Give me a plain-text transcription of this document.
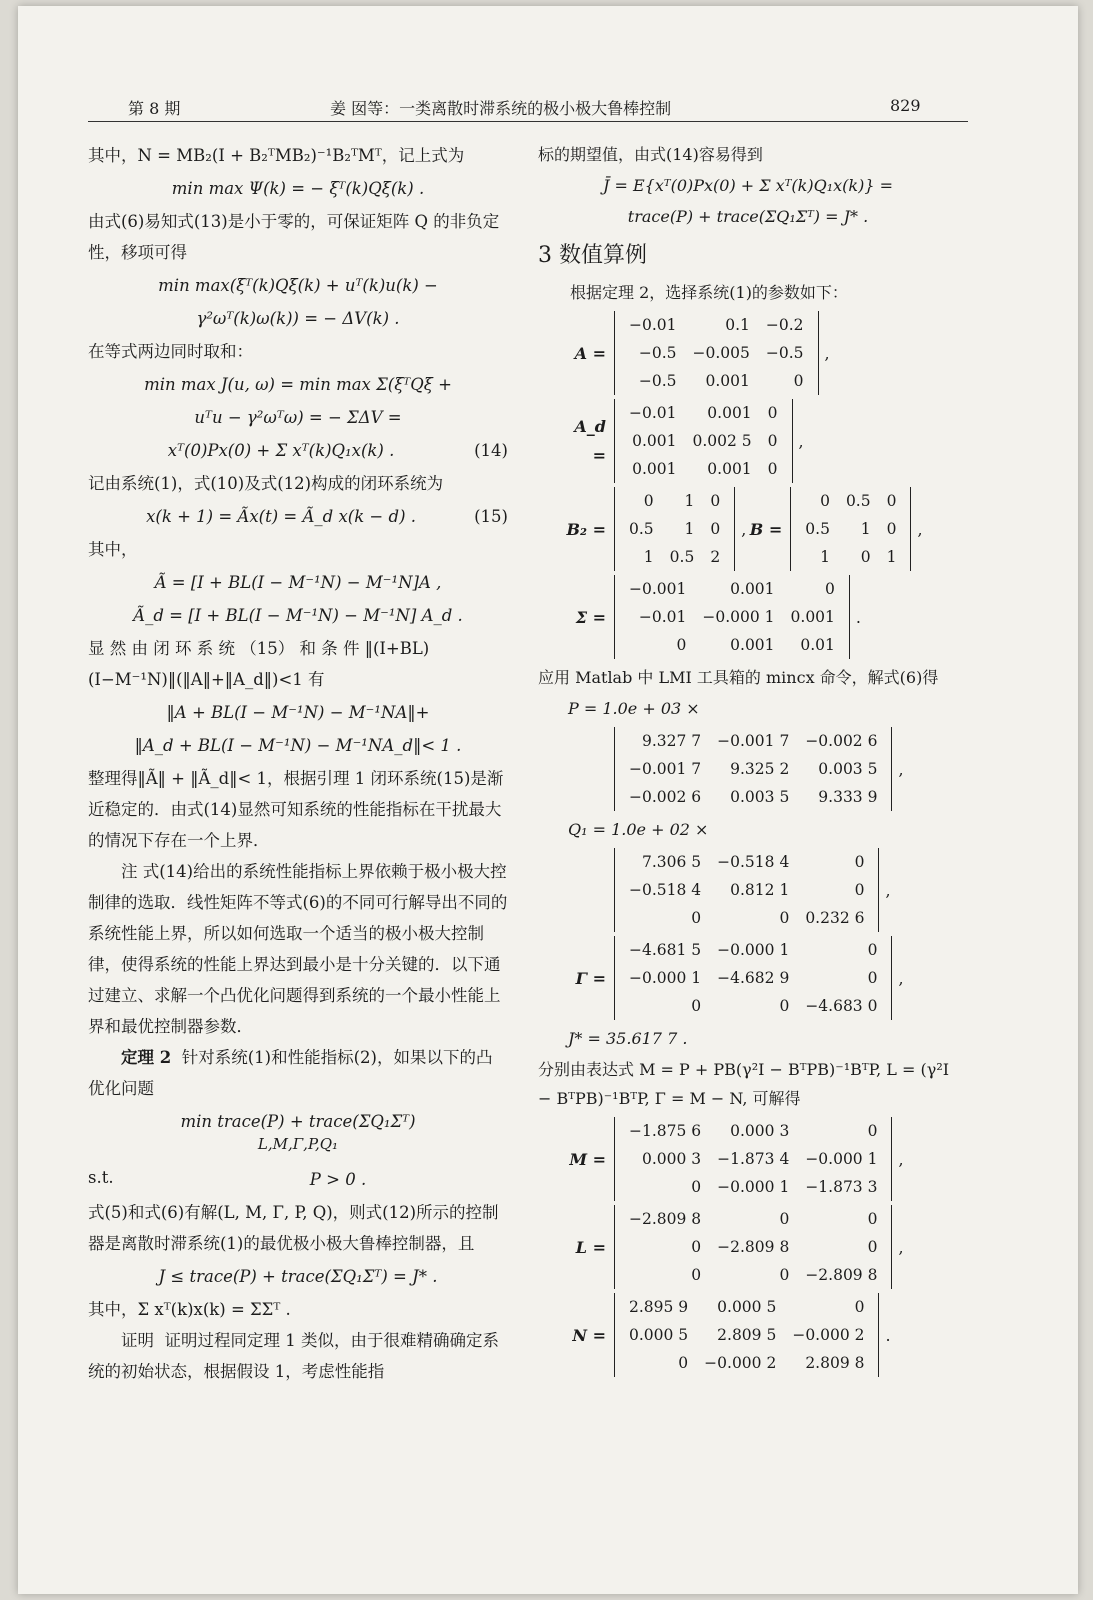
第 8 期	姜 囡等：一类离散时滞系统的极小极大鲁棒控制	829

其中，N = MB₂(I + B₂ᵀMB₂)⁻¹B₂ᵀMᵀ，记上式为

min max Ψ(k) = − ξᵀ(k)Qξ(k) .

由式(6)易知式(13)是小于零的，可保证矩阵 Q 的非负定性，移项可得

min max(ξᵀ(k)Qξ(k) + uᵀ(k)u(k) −
γ²ωᵀ(k)ω(k)) = − ΔV(k) .

在等式两边同时取和：

min max J(u, ω) = min max Σ(ξᵀQξ +
uᵀu − γ²ωᵀω) = − ΣΔV =
xᵀ(0)Px(0) + Σ xᵀ(k)Q₁x(k) .	(14)

记由系统(1)，式(10)及式(12)构成的闭环系统为

x(k + 1) = Ãx(t) = Ã_d x(k − d) .	(15)

其中，

Ã = [I + BL(I − M⁻¹N) − M⁻¹N]A ,
Ã_d = [I + BL(I − M⁻¹N) − M⁻¹N] A_d .

显 然 由 闭 环 系 统 （15） 和 条 件 ‖(I+BL)(I−M⁻¹N)‖(‖A‖+‖A_d‖)<1 有

‖A + BL(I − M⁻¹N) − M⁻¹NA‖+
‖A_d + BL(I − M⁻¹N) − M⁻¹NA_d‖< 1 .

整理得‖Ã‖ + ‖Ã_d‖< 1，根据引理 1 闭环系统(15)是渐近稳定的．由式(14)显然可知系统的性能指标在干扰最大的情况下存在一个上界．

注 式(14)给出的系统性能指标上界依赖于极小极大控制律的选取．线性矩阵不等式(6)的不同可行解导出不同的系统性能上界，所以如何选取一个适当的极小极大控制律，使得系统的性能上界达到最小是十分关键的．以下通过建立、求解一个凸优化问题得到系统的一个最小性能上界和最优控制器参数．

定理 2 针对系统(1)和性能指标(2)，如果以下的凸优化问题

min trace(P) + trace(ΣQ₁Σᵀ)
L,M,Γ,P,Q₁
s.t.	P > 0 .

式(5)和式(6)有解(L, M, Γ, P, Q)，则式(12)所示的控制器是离散时滞系统(1)的最优极小极大鲁棒控制器，且

J ≤ trace(P) + trace(ΣQ₁Σᵀ) = J* .

其中，Σ xᵀ(k)x(k) = ΣΣᵀ .

证明 证明过程同定理 1 类似，由于很难精确确定系统的初始状态，根据假设 1，考虑性能指

标的期望值，由式(14)容易得到

J̄ = E{xᵀ(0)Px(0) + Σ xᵀ(k)Q₁x(k)} =
trace(P) + trace(ΣQ₁Σᵀ) = J* .
3 数值算例

根据定理 2，选择系统(1)的参数如下：

A =
−0.01	0.1	−0.2
−0.5	−0.005	−0.5
−0.5	0.001	0
,
A_d =
−0.01	0.001	0
0.001	0.002 5	0
0.001	0.001	0
,
B₂ =
0	1	0
0.5	1	0
1	0.5	2
, B =
0	0.5	0
0.5	1	0
1	0	1
,
Σ =
−0.001	0.001	0
−0.01	−0.000 1	0.001
0	0.001	0.01
.

应用 Matlab 中 LMI 工具箱的 mincx 命令，解式(6)得

P = 1.0e + 03 ×
9.327 7	−0.001 7	−0.002 6
−0.001 7	9.325 2	0.003 5
−0.002 6	0.003 5	9.333 9
,
Q₁ = 1.0e + 02 ×
7.306 5	−0.518 4	0
−0.518 4	0.812 1	0
0	0	0.232 6
,
Γ =
−4.681 5	−0.000 1	0
−0.000 1	−4.682 9	0
0	0	−4.683 0
,
J* = 35.617 7 .

分别由表达式 M = P + PB(γ²I − BᵀPB)⁻¹BᵀP, L = (γ²I − BᵀPB)⁻¹BᵀP, Γ = M − N, 可解得

M =
−1.875 6	0.000 3	0
0.000 3	−1.873 4	−0.000 1
0	−0.000 1	−1.873 3
,
L =
−2.809 8	0	0
0	−2.809 8	0
0	0	−2.809 8
,
N =
2.895 9	0.000 5	0
0.000 5	2.809 5	−0.000 2
0	−0.000 2	2.809 8
.
